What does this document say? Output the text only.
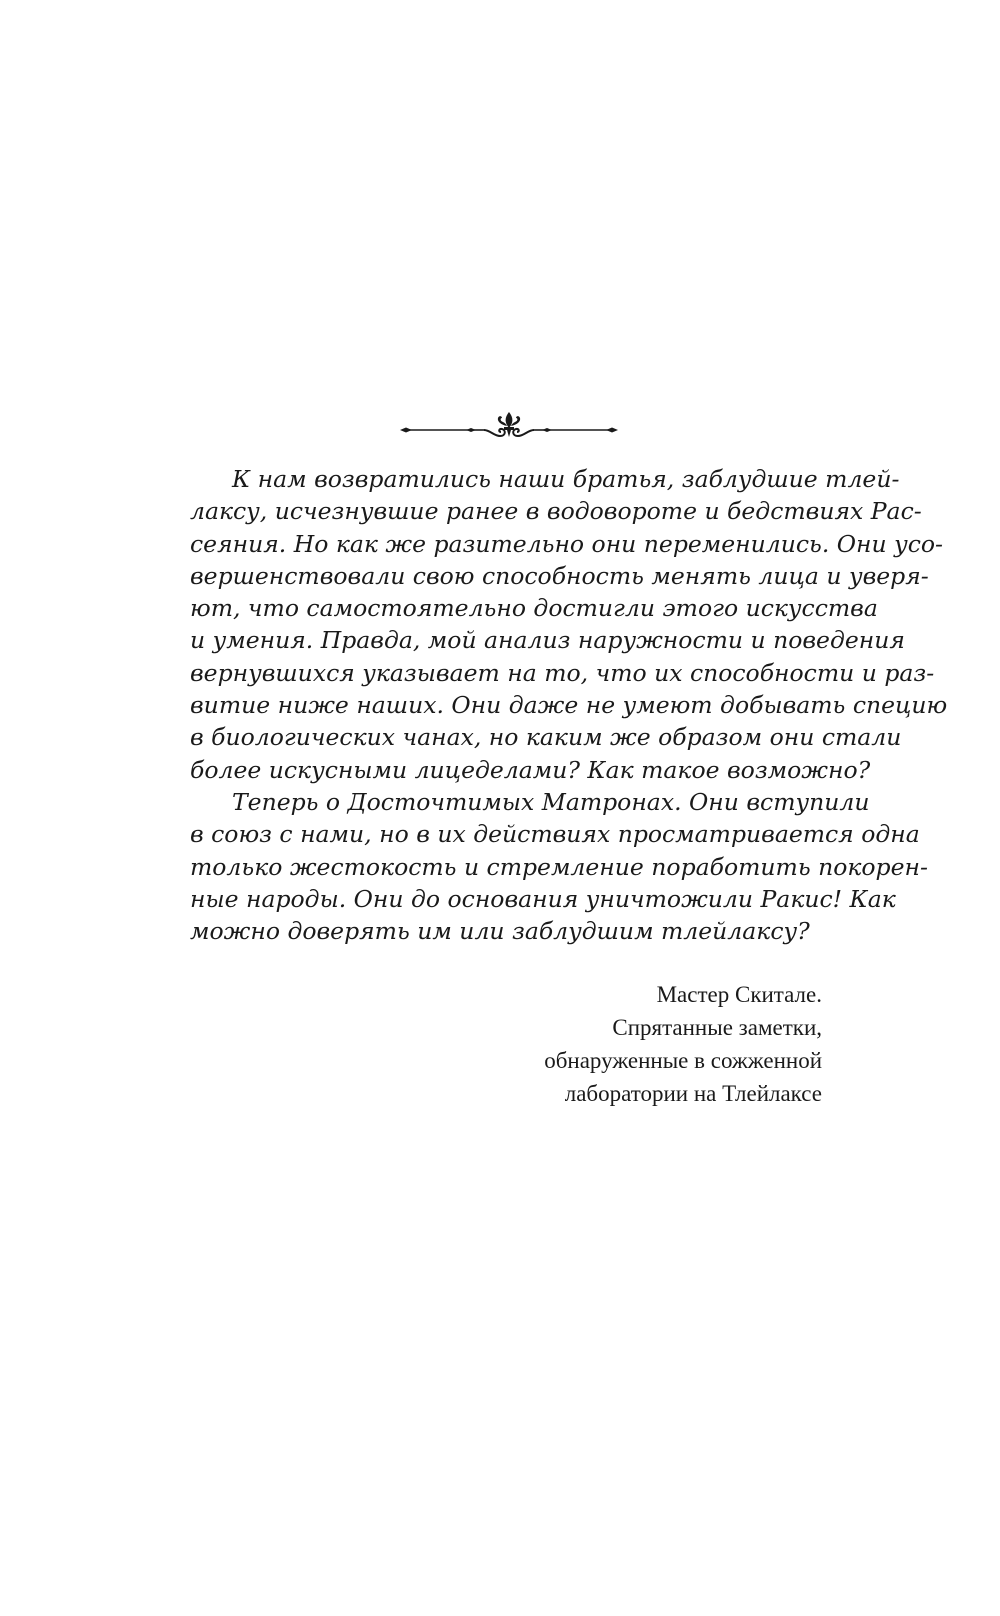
К нам возвратились наши братья, заблудшие тлей-
лаксу, исчезнувшие ранее в водовороте и бедствиях Рас-
сеяния. Но как же разительно они переменились. Они усо-
вершенствовали свою способность менять лица и уверя-
ют, что самостоятельно достигли этого искусства
и умения. Правда, мой анализ наружности и поведения
вернувшихся указывает на то, что их способности и раз-
витие ниже наших. Они даже не умеют добывать специю
в биологических чанах, но каким же образом они стали
более искусными лицеделами? Как такое возможно?
Теперь о Досточтимых Матронах. Они вступили
в союз с нами, но в их действиях просматривается одна
только жестокость и стремление поработить покорен-
ные народы. Они до основания уничтожили Ракис! Как
можно доверять им или заблудшим тлейлаксу?
Мастер Скитале.
Спрятанные заметки,
обнаруженные в сожженной
лаборатории на Тлейлаксе
